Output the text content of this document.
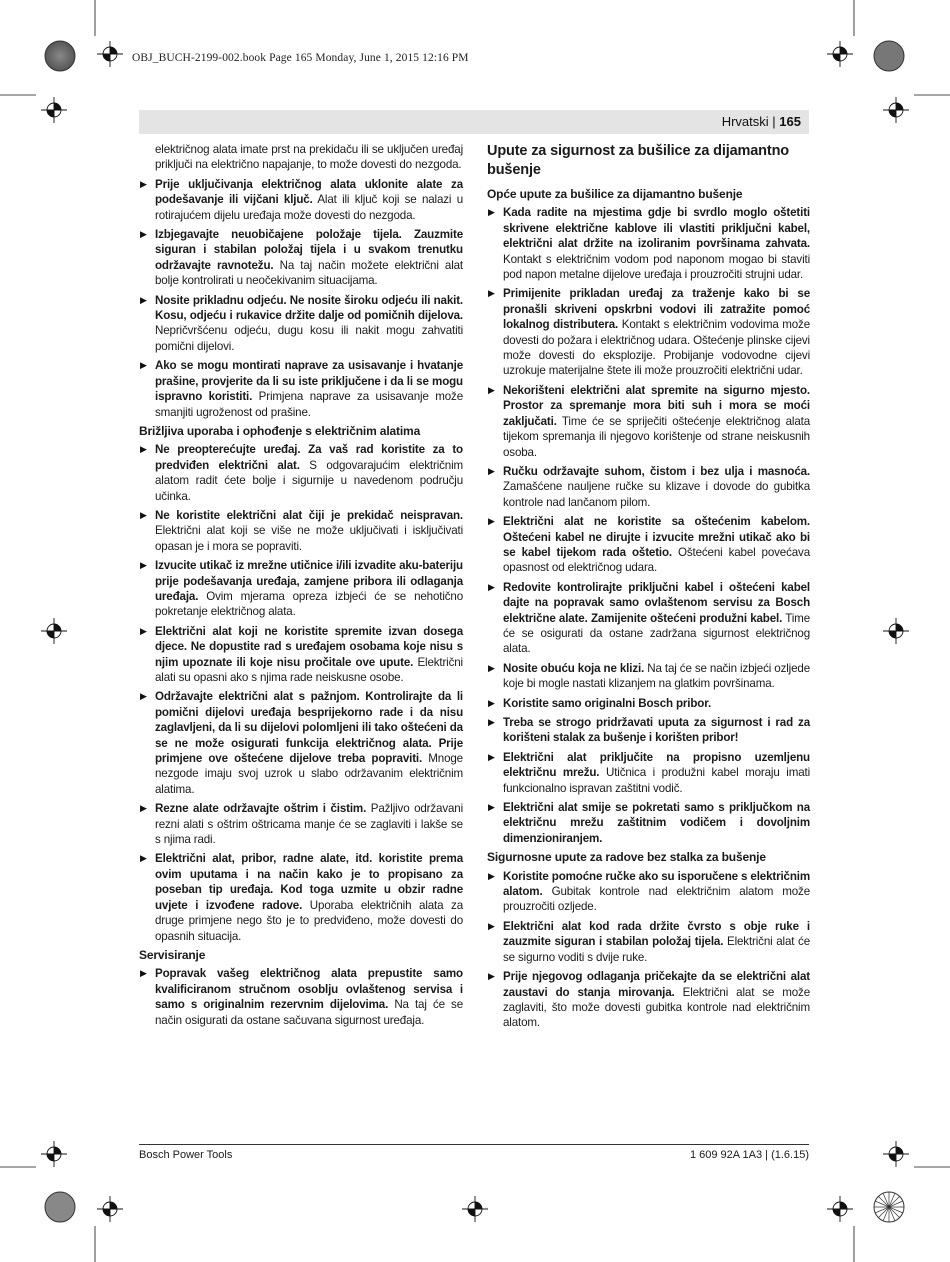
OBJ_BUCH-2199-002.book Page 165 Monday, June 1, 2015 12:16 PM
Hrvatski | 165
električnog alata imate prst na prekidaču ili se uključen uređaj priključi na električno napajanje, to može dovesti do nezgoda.
▶ Prije uključivanja električnog alata uklonite alate za podešavanje ili vijčani ključ. Alat ili ključ koji se nalazi u rotirajućem dijelu uređaja može dovesti do nezgoda.
▶ Izbjegavajte neuobičajene položaje tijela. Zauzmite siguran i stabilan položaj tijela i u svakom trenutku održavajte ravnotežu. Na taj način možete električni alat bolje kontrolirati u neočekivanim situacijama.
▶ Nosite prikladnu odjeću. Ne nosite široku odjeću ili nakit. Kosu, odjeću i rukavice držite dalje od pomičnih dijelova. Nepričvršćenu odjeću, dugu kosu ili nakit mogu zahvatiti pomični dijelovi.
▶ Ako se mogu montirati naprave za usisavanje i hvatanje prašine, provjerite da li su iste priključene i da li se mogu ispravno koristiti. Primjena naprave za usisavanje može smanjiti ugroženost od prašine.
Brižljiva uporaba i ophođenje s električnim alatima
▶ Ne preopterećujte uređaj. Za vaš rad koristite za to predviđen električni alat. S odgovarajućim električnim alatom radit ćete bolje i sigurnije u navedenom području učinka.
▶ Ne koristite električni alat čiji je prekidač neispravan. Električni alat koji se više ne može uključivati i isključivati opasan je i mora se popraviti.
▶ Izvucite utikač iz mrežne utičnice i/ili izvadite aku-bateriju prije podešavanja uređaja, zamjene pribora ili odlaganja uređaja. Ovim mjerama opreza izbjeći će se nehotično pokretanje električnog alata.
▶ Električni alat koji ne koristite spremite izvan dosega djece. Ne dopustite rad s uređajem osobama koje nisu s njim upoznate ili koje nisu pročitale ove upute. Električni alati su opasni ako s njima rade neiskusne osobe.
▶ Održavajte električni alat s pažnjom. Kontrolirajte da li pomični dijelovi uređaja besprijekorno rade i da nisu zaglavljeni, da li su dijelovi polomljeni ili tako oštećeni da se ne može osigurati funkcija električnog alata. Prije primjene ove oštećene dijelove treba popraviti. Mnoge nezgode imaju svoj uzrok u slabo održavanim električnim alatima.
▶ Rezne alate održavajte oštrim i čistim. Pažljivo održavani rezni alati s oštrim oštricama manje će se zaglaviti i lakše se s njima radi.
▶ Električni alat, pribor, radne alate, itd. koristite prema ovim uputama i na način kako je to propisano za poseban tip uređaja. Kod toga uzmite u obzir radne uvjete i izvođene radove. Uporaba električnih alata za druge primjene nego što je to predviđeno, može dovesti do opasnih situacija.
Servisiranje
▶ Popravak vašeg električnog alata prepustite samo kvalificiranom stručnom osoblju ovlaštenog servisa i samo s originalnim rezervnim dijelovima. Na taj će se način osigurati da ostane sačuvana sigurnost uređaja.
Upute za sigurnost za bušilice za dijamantno bušenje
Opće upute za bušilice za dijamantno bušenje
▶ Kada radite na mjestima gdje bi svrdlo moglo oštetiti skrivene električne kablove ili vlastiti priključni kabel, električni alat držite na izoliranim površinama zahvata. Kontakt s električnim vodom pod naponom mogao bi staviti pod napon metalne dijelove uređaja i prouzročiti strujni udar.
▶ Primijenite prikladan uređaj za traženje kako bi se pronašli skriveni opskrbni vodovi ili zatražite pomoć lokalnog distributera. Kontakt s električnim vodovima može dovesti do požara i električnog udara. Oštećenje plinske cijevi može dovesti do eksplozije. Probijanje vodovodne cijevi uzrokuje materijalne štete ili može prouzročiti električni udar.
▶ Nekorišteni električni alat spremite na sigurno mjesto. Prostor za spremanje mora biti suh i mora se moći zaključati. Time će se spriječiti oštećenje električnog alata tijekom spremanja ili njegovo korištenje od strane neiskusnih osoba.
▶ Ručku održavajte suhom, čistom i bez ulja i masnoća. Zamašćene nauljene ručke su klizave i dovode do gubitka kontrole nad lančanom pilom.
▶ Električni alat ne koristite sa oštećenim kabelom. Oštećeni kabel ne dirujte i izvucite mrežni utikač ako bi se kabel tijekom rada oštetio. Oštećeni kabel povećava opasnost od električnog udara.
▶ Redovite kontrolirajte priključni kabel i oštećeni kabel dajte na popravak samo ovlaštenom servisu za Bosch električne alate. Zamijenite oštećeni produžni kabel. Time će se osigurati da ostane zadržana sigurnost električnog alata.
▶ Nosite obuću koja ne klizi. Na taj će se način izbjeći ozljede koje bi mogle nastati klizanjem na glatkim površinama.
▶ Koristite samo originalni Bosch pribor.
▶ Treba se strogo pridržavati uputa za sigurnost i rad za korišteni stalak za bušenje i korišten pribor!
▶ Električni alat priključite na propisno uzemljenu električnu mrežu. Utičnica i produžni kabel moraju imati funkcionalno ispravan zaštitni vodič.
▶ Električni alat smije se pokretati samo s priključkom na električnu mrežu zaštitnim vodičem i dovoljnim dimenzioniranjem.
Sigurnosne upute za radove bez stalka za bušenje
▶ Koristite pomoćne ručke ako su isporučene s električnim alatom. Gubitak kontrole nad električnim alatom može prouzročiti ozljede.
▶ Električni alat kod rada držite čvrsto s obje ruke i zauzmite siguran i stabilan položaj tijela. Električni alat će se sigurno voditi s dvije ruke.
▶ Prije njegovog odlaganja pričekajte da se električni alat zaustavi do stanja mirovanja. Električni alat se može zaglaviti, što može dovesti gubitka kontrole nad električnim alatom.
Bosch Power Tools	1 609 92A 1A3 | (1.6.15)
